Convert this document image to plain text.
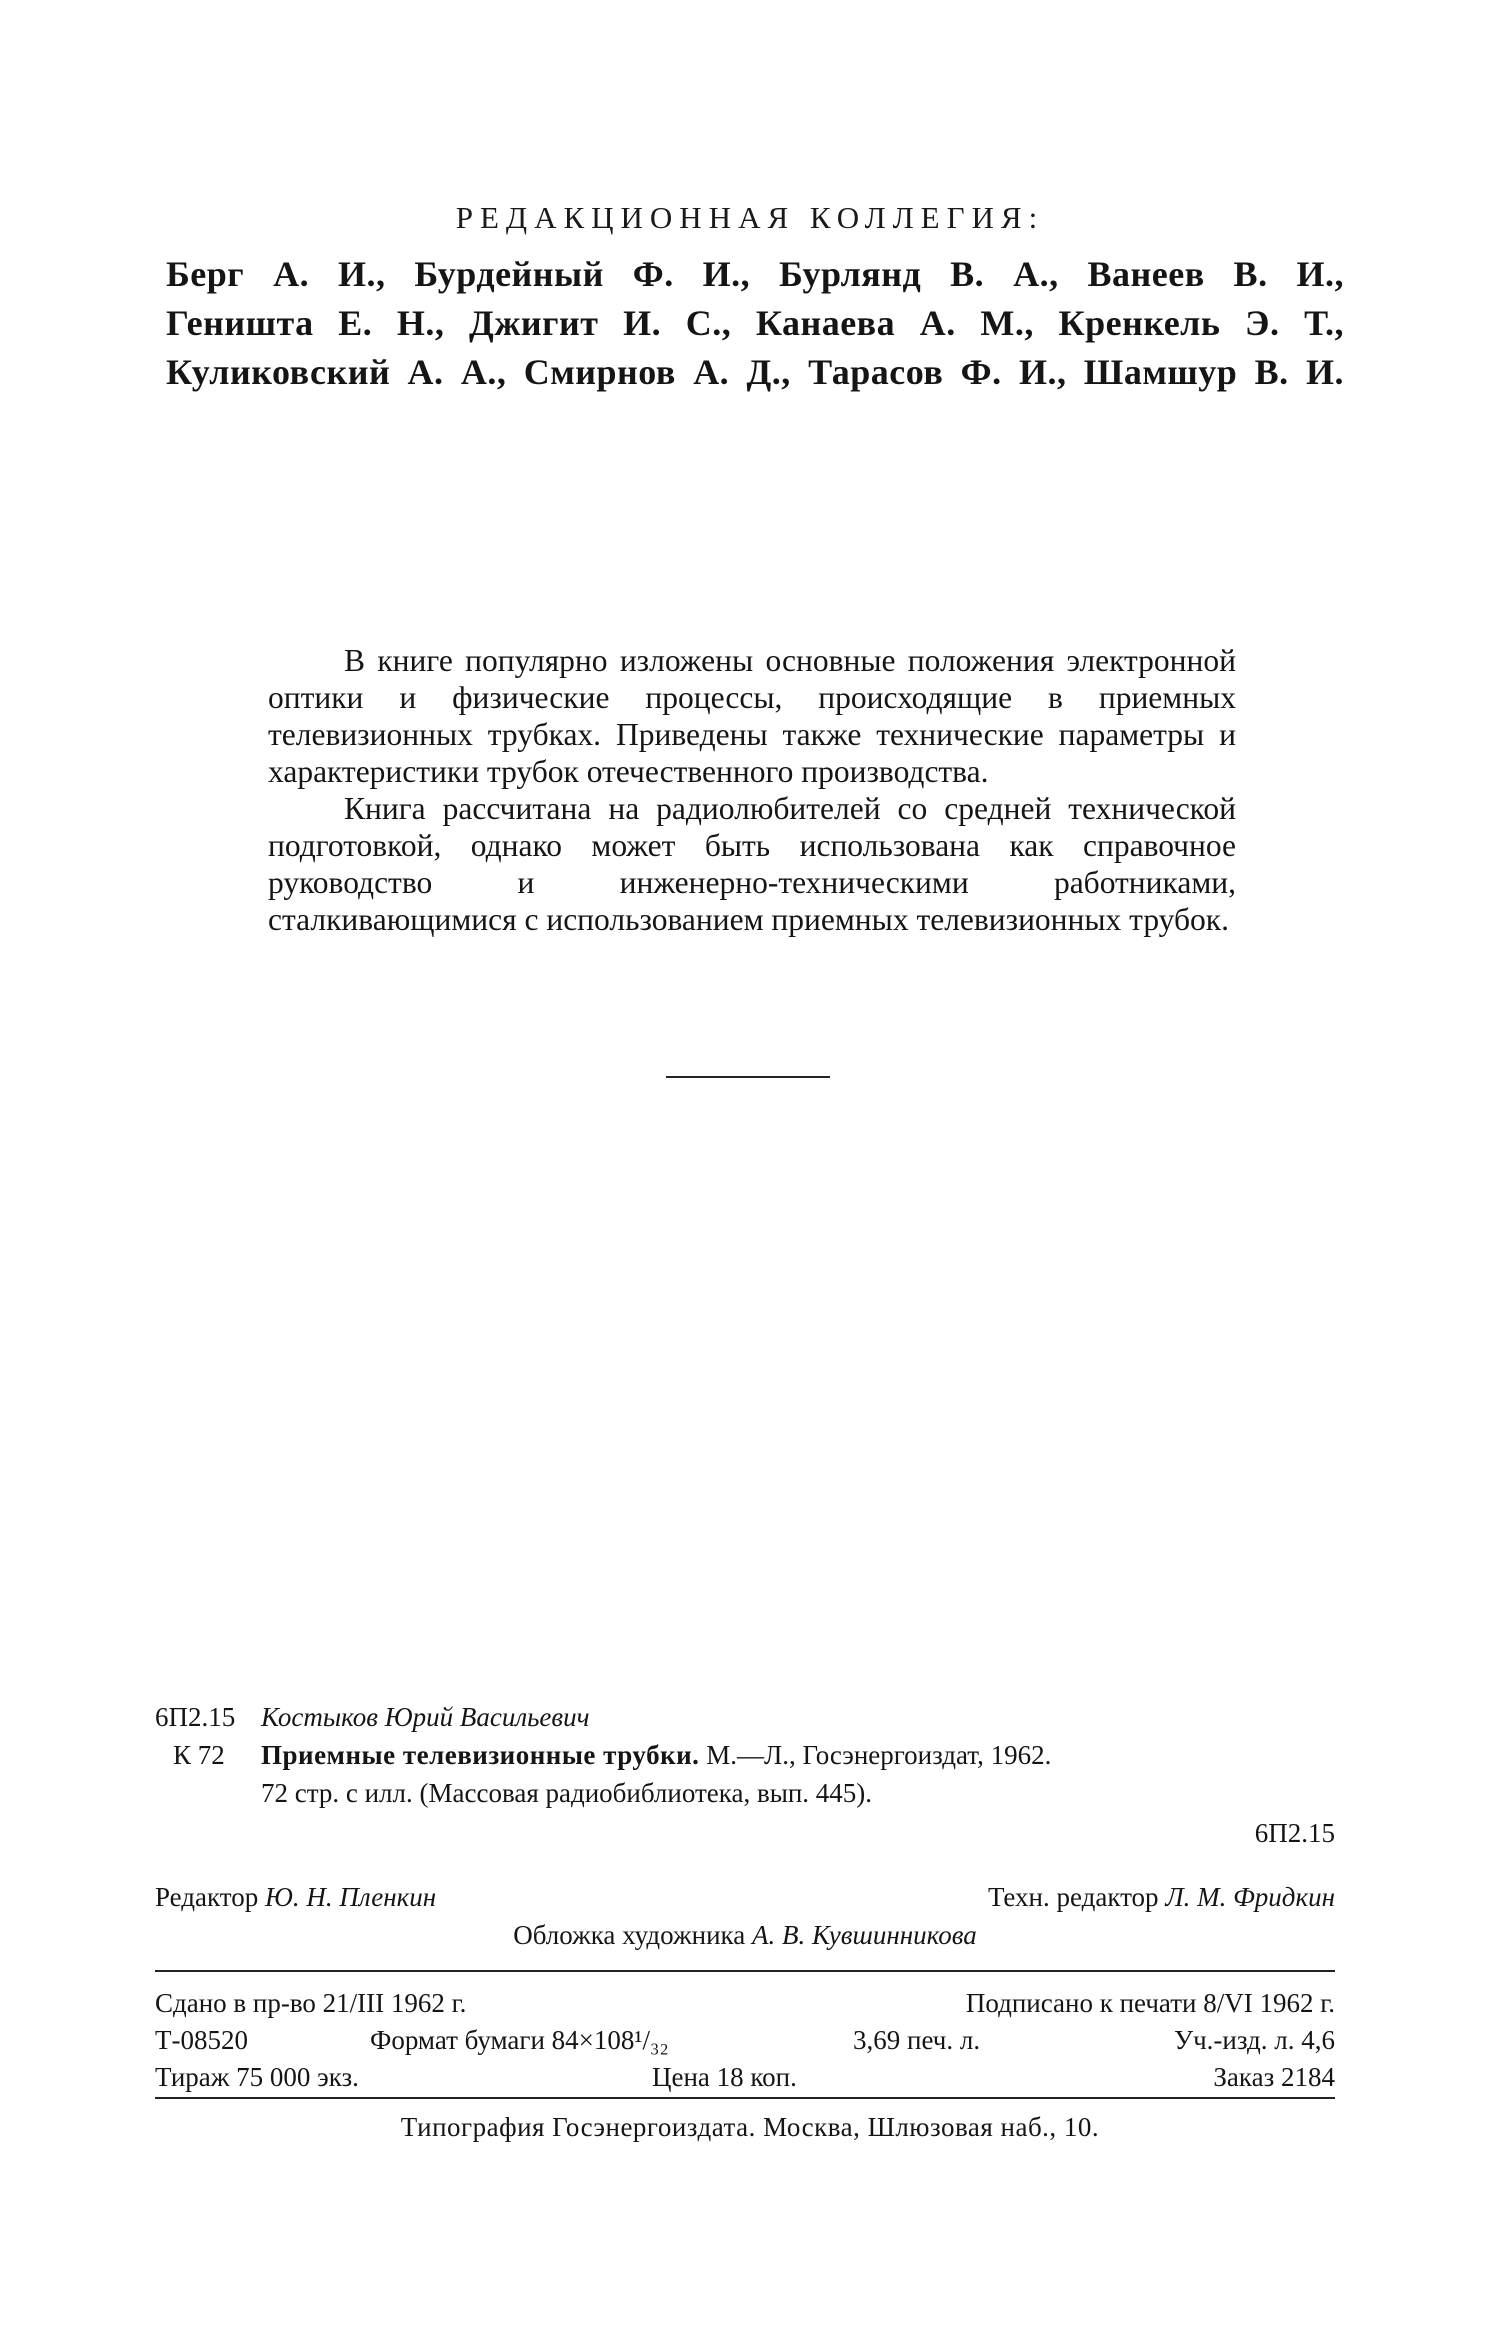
РЕДАКЦИОННАЯ КОЛЛЕГИЯ:
Берг А. И., Бурдейный Ф. И., Бурлянд В. А., Ванеев В. И.,
Геништа Е. Н., Джигит И. С., Канаева А. М., Кренкель Э. Т.,
Куликовский А. А., Смирнов А. Д., Тарасов Ф. И., Шамшур В. И.

В книге популярно изложены основные положения электронной оптики и физические процессы, происходящие в приемных телевизионных трубках. Приведены также технические параметры и характеристики трубок отечественного производства.

Книга рассчитана на радиолюбителей со средней технической подготовкой, однако может быть использована как справочное руководство и инженерно-техническими работниками, сталкивающимися с использованием приемных телевизионных трубок.

6П2.15 Костыков Юрий Васильевич
К 72 Приемные телевизионные трубки. М.—Л., Госэнергоиздат, 1962.
72 стр. с илл. (Массовая радиобиблиотека, вып. 445).
6П2.15
Редактор Ю. Н. Пленкин	Техн. редактор Л. М. Фридкин
Обложка художника А. В. Кувшинникова
Сдано в пр-во 21/III 1962 г.	Подписано к печати 8/VI 1962 г.
Т-08520	Формат бумаги 84×108¹/₃₂	3,69 печ. л.	Уч.-изд. л. 4,6
Тираж 75 000 экз.	Цена 18 коп.	Заказ 2184
Типография Госэнергоиздата. Москва, Шлюзовая наб., 10.
